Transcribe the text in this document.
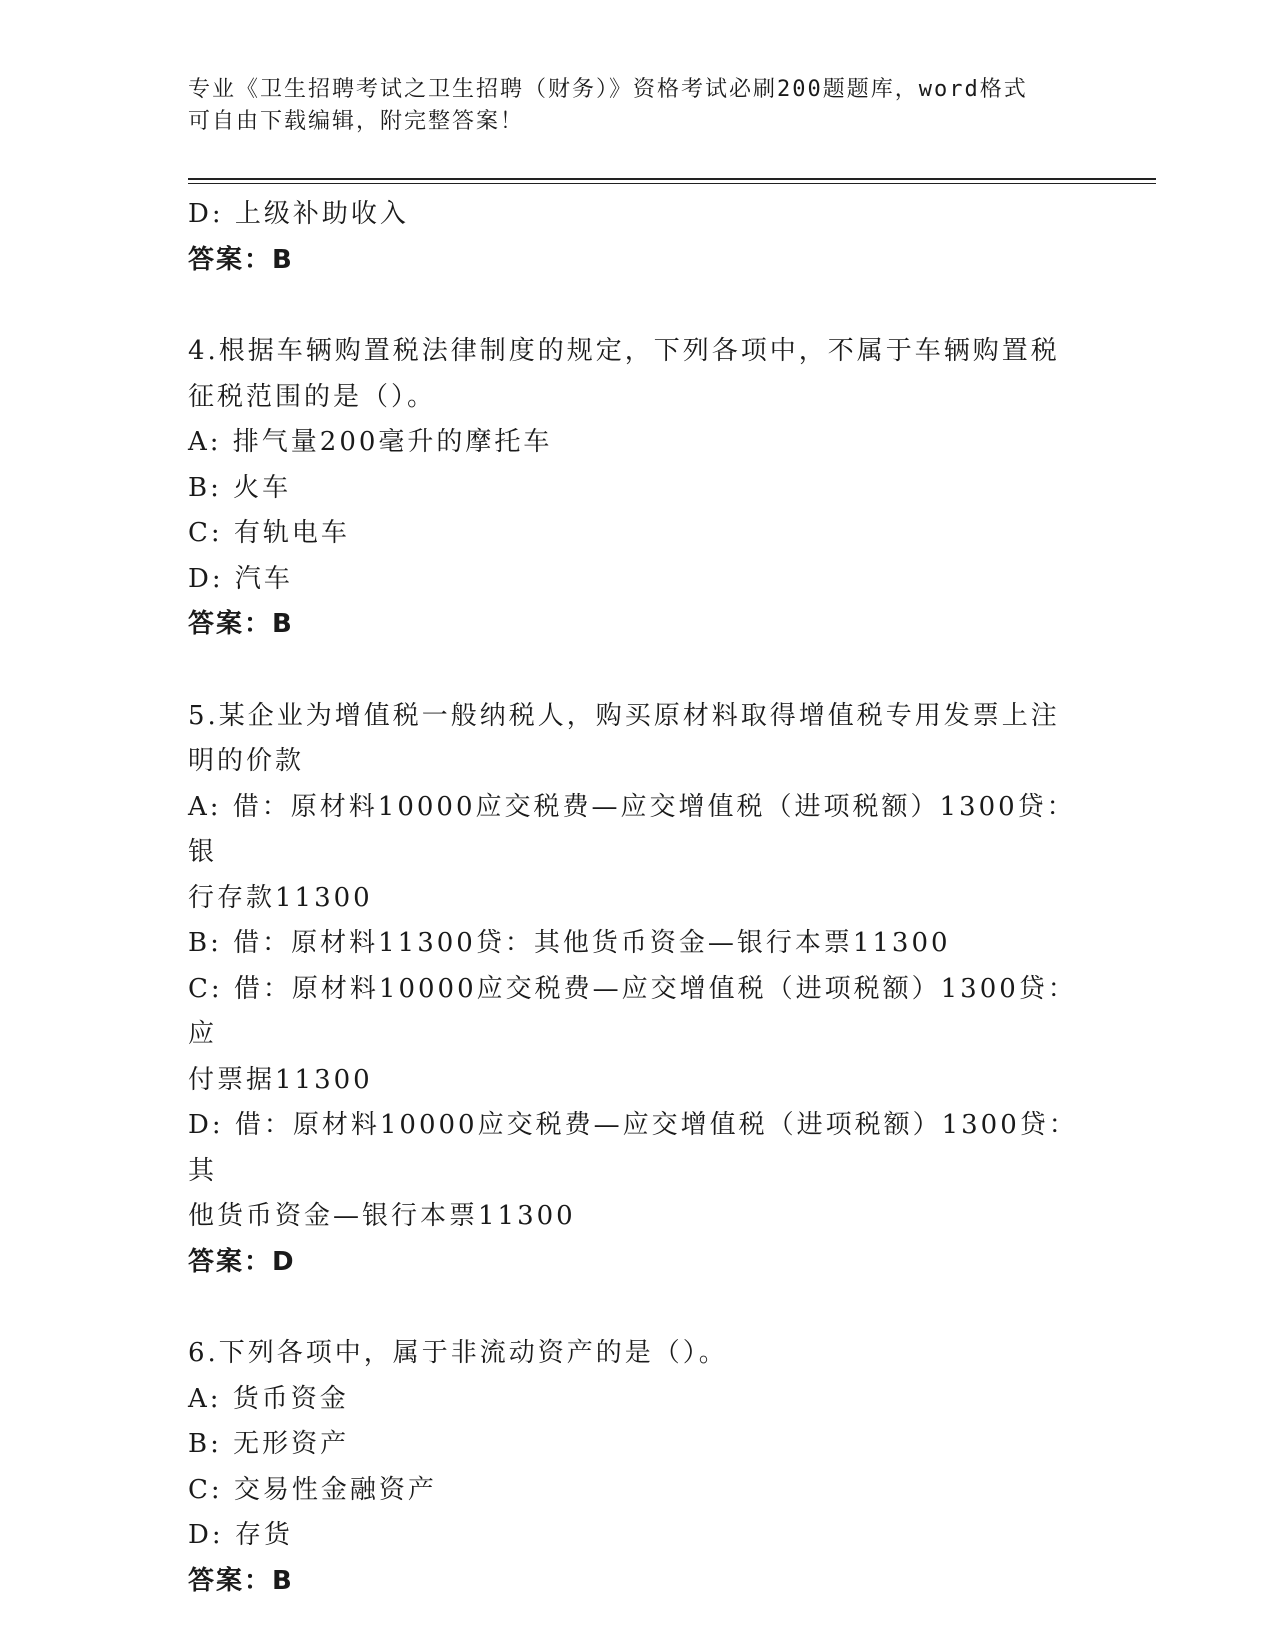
专业《卫生招聘考试之卫生招聘（财务）》资格考试必刷200题题库，word格式
可自由下载编辑，附完整答案！

D: 上级补助收入

答案：B

4.根据车辆购置税法律制度的规定，下列各项中，不属于车辆购置税

征税范围的是（）。

A: 排气量200毫升的摩托车

B: 火车

C: 有轨电车

D: 汽车

答案：B

5.某企业为增值税一般纳税人，购买原材料取得增值税专用发票上注

明的价款

A: 借：原材料10000应交税费—应交增值税（进项税额）1300贷：银

行存款11300

B: 借：原材料11300贷：其他货币资金—银行本票11300

C: 借：原材料10000应交税费—应交增值税（进项税额）1300贷：应

付票据11300

D: 借：原材料10000应交税费—应交增值税（进项税额）1300贷：其

他货币资金—银行本票11300

答案：D

6.下列各项中，属于非流动资产的是（）。

A: 货币资金

B: 无形资产

C: 交易性金融资产

D: 存货

答案：B
